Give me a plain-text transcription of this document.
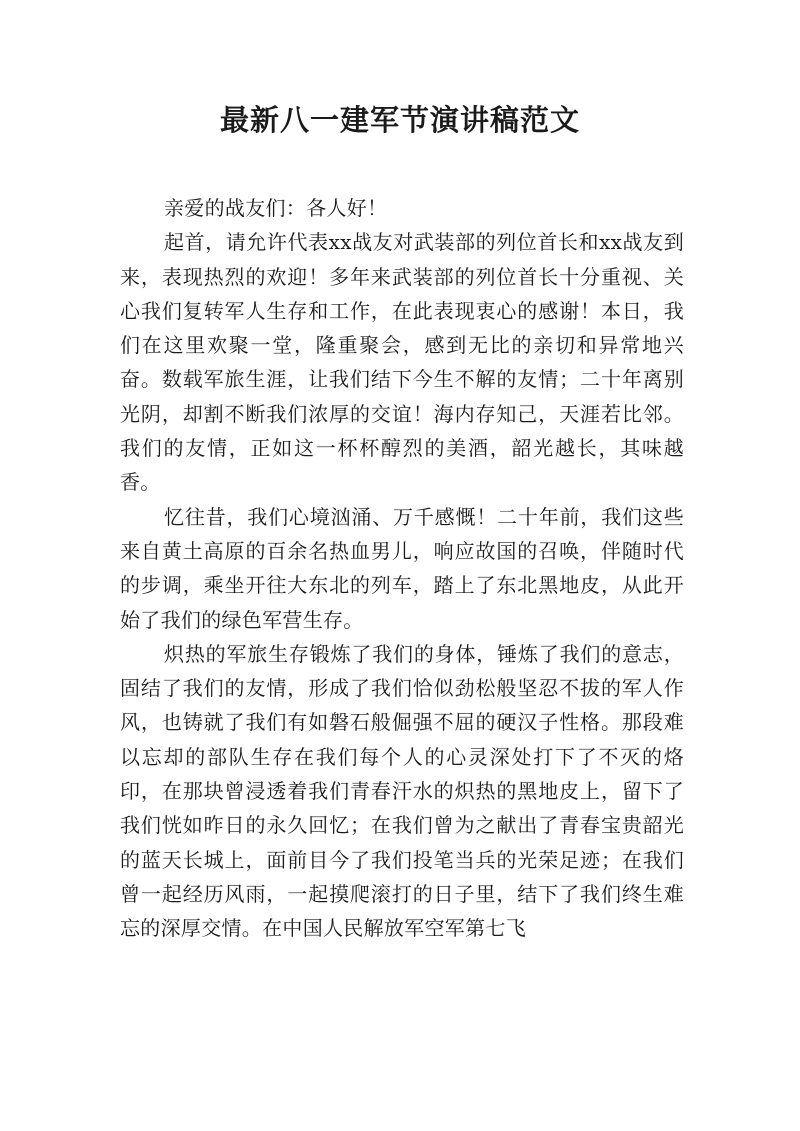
最新八一建军节演讲稿范文

亲爱的战友们：各人好！

起首，请允许代表xx战友对武装部的列位首长和xx战友到来，表现热烈的欢迎！多年来武装部的列位首长十分重视、关心我们复转军人生存和工作，在此表现衷心的感谢！本日，我们在这里欢聚一堂，隆重聚会，感到无比的亲切和异常地兴奋。数载军旅生涯，让我们结下今生不解的友情；二十年离别光阴，却割不断我们浓厚的交谊！海内存知己，天涯若比邻。我们的友情，正如这一杯杯醇烈的美酒，韶光越长，其味越香。

忆往昔，我们心境汹涌、万千感慨！二十年前，我们这些来自黄土高原的百余名热血男儿，响应故国的召唤，伴随时代的步调，乘坐开往大东北的列车，踏上了东北黑地皮，从此开始了我们的绿色军营生存。

炽热的军旅生存锻炼了我们的身体，锤炼了我们的意志，固结了我们的友情，形成了我们恰似劲松般坚忍不拔的军人作风，也铸就了我们有如磐石般倔强不屈的硬汉子性格。那段难以忘却的部队生存在我们每个人的心灵深处打下了不灭的烙印，在那块曾浸透着我们青春汗水的炽热的黑地皮上，留下了我们恍如昨日的永久回忆；在我们曾为之献出了青春宝贵韶光的蓝天长城上，面前目今了我们投笔当兵的光荣足迹；在我们曾一起经历风雨，一起摸爬滚打的日子里，结下了我们终生难忘的深厚交情。在中国人民解放军空军第七飞
